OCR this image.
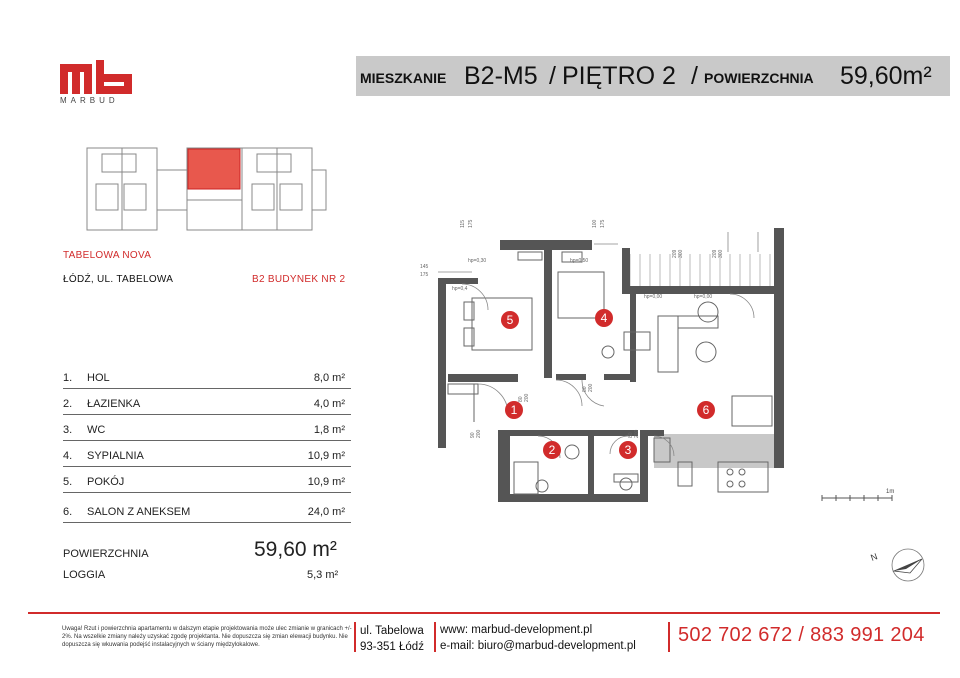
MARBUD
MIESZKANIE B2-M5 / PIĘTRO 2 / POWIERZCHNIA 59,60m²
TABELOWA NOVA
ŁÓDŹ, UL. TABELOWA	B2 BUDYNEK NR 2
1. HOL	8,0 m²
2. ŁAZIENKA	4,0 m²
3. WC	1,8 m²
4. SYPIALNIA	10,9 m²
5. POKÓJ	10,9 m²
6. SALON Z ANEKSEM	24,0 m²
POWIERZCHNIA	59,60 m²
LOGGIA	5,3 m²
115 175	100 175
145
175
hp=0,30	hp=0,50
hp=0,00	hp=0,00
hp=0,4
209 300	209 300
80 200
80 200
90 200	80 200
1
2	3
4
5
6
1m
N
Uwaga! Rzut i powierzchnia apartamentu w dalszym etapie projektowania może ulec zmianie w granicach +/- 2%. Na wszelkie zmiany należy uzyskać zgodę projektanta. Nie dopuszcza się zmian elewacji budynku. Nie dopuszcza się wkuwania podejść instalacyjnych w ściany międzylokalowe.
ul. Tabelowa
93-351 Łódź
www: marbud-development.pl
e-mail: biuro@marbud-development.pl 502 702 672 / 883 991 204
